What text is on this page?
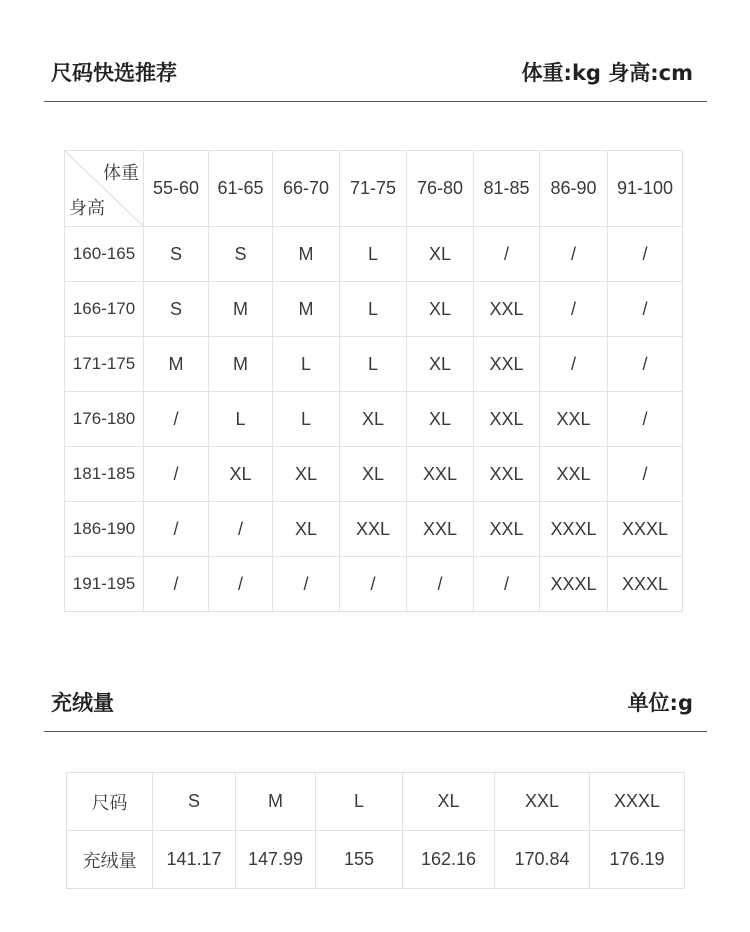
尺码快选推荐	体重:kg 身高:cm
体重
身高	55-60	61-65	66-70	71-75	76-80	81-85	86-90	91-100
160-165	S	S	M	L	XL	/	/	/
166-170	S	M	M	L	XL	XXL	/	/
171-175	M	M	L	L	XL	XXL	/	/
176-180	/	L	L	XL	XL	XXL	XXL	/
181-185	/	XL	XL	XL	XXL	XXL	XXL	/
186-190	/	/	XL	XXL	XXL	XXL	XXXL	XXXL
191-195	/	/	/	/	/	/	XXXL	XXXL
充绒量	单位:g
尺码	S	M	L	XL	XXL	XXXL
充绒量	141.17	147.99	155	162.16	170.84	176.19
